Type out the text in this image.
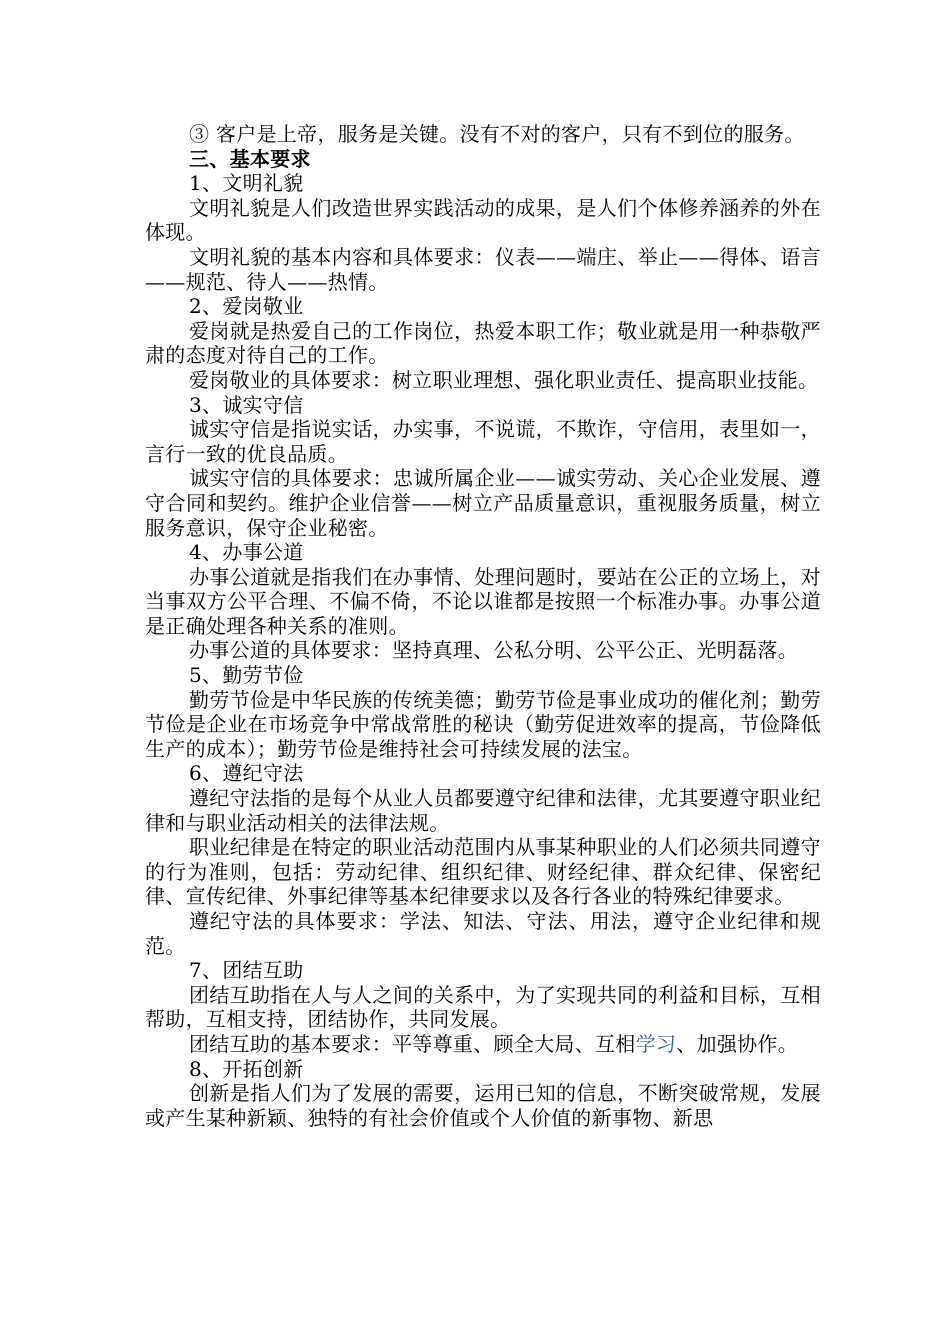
③ 客户是上帝，服务是关键。没有不对的客户，只有不到位的服务。

三、基本要求

1、文明礼貌

文明礼貌是人们改造世界实践活动的成果，是人们个体修养涵养的外在体现。

文明礼貌的基本内容和具体要求：仪表——端庄、举止——得体、语言——规范、待人——热情。

2、爱岗敬业

爱岗就是热爱自己的工作岗位，热爱本职工作；敬业就是用一种恭敬严肃的态度对待自己的工作。

爱岗敬业的具体要求：树立职业理想、强化职业责任、提高职业技能。

3、诚实守信

诚实守信是指说实话，办实事，不说谎，不欺诈，守信用，表里如一，言行一致的优良品质。

诚实守信的具体要求：忠诚所属企业——诚实劳动、关心企业发展、遵守合同和契约。维护企业信誉——树立产品质量意识，重视服务质量，树立服务意识，保守企业秘密。

4、办事公道

办事公道就是指我们在办事情、处理问题时，要站在公正的立场上，对当事双方公平合理、不偏不倚，不论以谁都是按照一个标准办事。办事公道是正确处理各种关系的准则。

办事公道的具体要求：坚持真理、公私分明、公平公正、光明磊落。

5、勤劳节俭

勤劳节俭是中华民族的传统美德；勤劳节俭是事业成功的催化剂；勤劳节俭是企业在市场竞争中常战常胜的秘诀（勤劳促进效率的提高，节俭降低生产的成本）；勤劳节俭是维持社会可持续发展的法宝。

6、遵纪守法

遵纪守法指的是每个从业人员都要遵守纪律和法律，尤其要遵守职业纪律和与职业活动相关的法律法规。

职业纪律是在特定的职业活动范围内从事某种职业的人们必须共同遵守的行为准则，包括：劳动纪律、组织纪律、财经纪律、群众纪律、保密纪律、宣传纪律、外事纪律等基本纪律要求以及各行各业的特殊纪律要求。

遵纪守法的具体要求：学法、知法、守法、用法，遵守企业纪律和规范。

7、团结互助

团结互助指在人与人之间的关系中，为了实现共同的利益和目标，互相帮助，互相支持，团结协作，共同发展。

团结互助的基本要求：平等尊重、顾全大局、互相学习、加强协作。

8、开拓创新

创新是指人们为了发展的需要，运用已知的信息，不断突破常规，发展或产生某种新颖、独特的有社会价值或个人价值的新事物、新思
